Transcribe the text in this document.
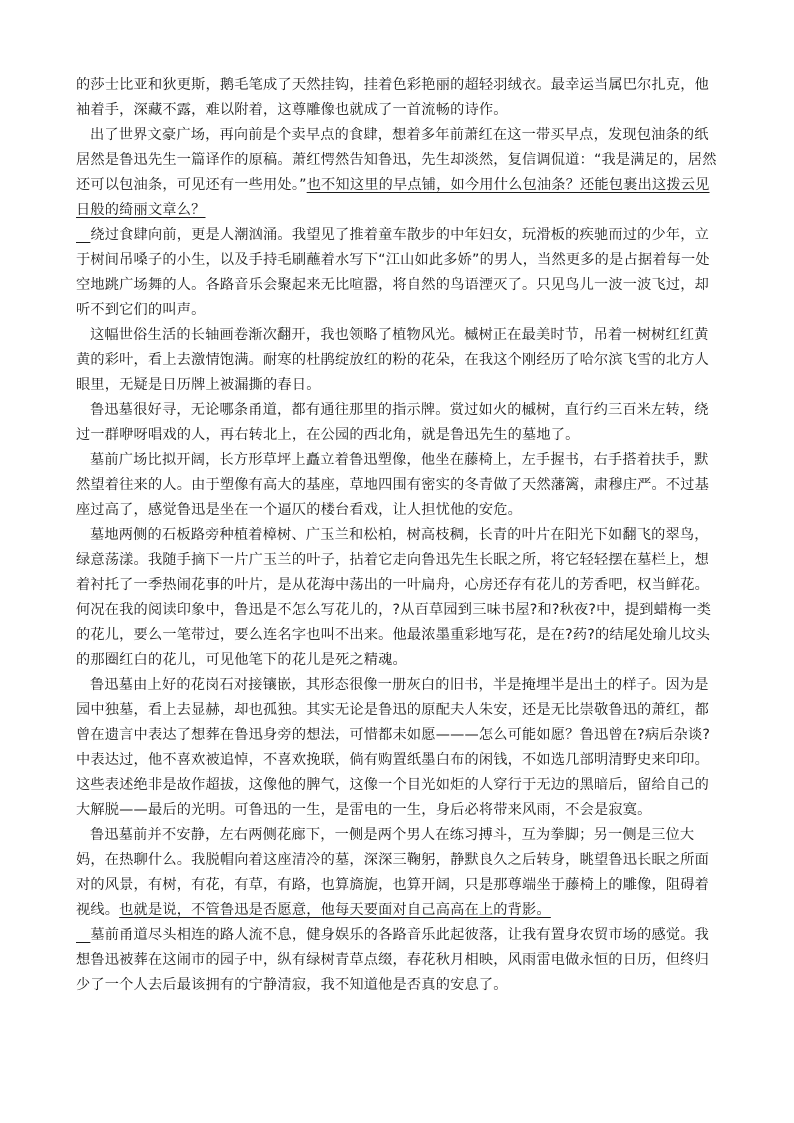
的莎士比亚和狄更斯，鹅毛笔成了天然挂钩，挂着色彩艳丽的超轻羽绒衣。最幸运当属巴尔扎克，他袖着手，深藏不露，难以附着，这尊雕像也就成了一首流畅的诗作。

出了世界文豪广场，再向前是个卖早点的食肆，想着多年前萧红在这一带买早点，发现包油条的纸居然是鲁迅先生一篇译作的原稿。萧红愕然告知鲁迅，先生却淡然，复信调侃道：“我是满足的，居然还可以包油条，可见还有一些用处。”也不知这里的早点铺，如今用什么包油条？还能包裹出这拨云见日般的绮丽文章么？

 绕过食肆向前，更是人潮汹涌。我望见了推着童车散步的中年妇女，玩滑板的疾驰而过的少年，立于树间吊嗓子的小生，以及手持毛刷蘸着水写下“江山如此多娇”的男人，当然更多的是占据着每一处空地跳广场舞的人。各路音乐会聚起来无比喧嚣，将自然的鸟语湮灭了。只见鸟儿一波一波飞过，却听不到它们的叫声。

这幅世俗生活的长轴画卷渐次翻开，我也领略了植物风光。槭树正在最美时节，吊着一树树红红黄黄的彩叶，看上去激情饱满。耐寒的杜鹃绽放红的粉的花朵，在我这个刚经历了哈尔滨飞雪的北方人眼里，无疑是日历牌上被漏撕的春日。

鲁迅墓很好寻，无论哪条甬道，都有通往那里的指示牌。赏过如火的槭树，直行约三百米左转，绕过一群咿呀唱戏的人，再右转北上，在公园的西北角，就是鲁迅先生的墓地了。

墓前广场比拟开阔，长方形草坪上矗立着鲁迅塑像，他坐在藤椅上，左手握书，右手搭着扶手，默然望着往来的人。由于塑像有高大的基座，草地四围有密实的冬青做了天然藩篱，肃穆庄严。不过基座过高了，感觉鲁迅是坐在一个逼仄的楼台看戏，让人担忧他的安危。

墓地两侧的石板路旁种植着樟树、广玉兰和松柏，树高枝稠，长青的叶片在阳光下如翻飞的翠鸟，绿意荡漾。我随手摘下一片广玉兰的叶子，拈着它走向鲁迅先生长眠之所，将它轻轻摆在墓栏上，想着衬托了一季热闹花事的叶片，是从花海中荡出的一叶扁舟，心房还存有花儿的芳香吧，权当鲜花。何况在我的阅读印象中，鲁迅是不怎么写花儿的，?从百草园到三味书屋?和?秋夜?中，提到蜡梅一类的花儿，要么一笔带过，要么连名字也叫不出来。他最浓墨重彩地写花，是在?药?的结尾处瑜儿坟头的那圈红白的花儿，可见他笔下的花儿是死之精魂。

鲁迅墓由上好的花岗石对接镶嵌，其形态很像一册灰白的旧书，半是掩埋半是出土的样子。因为是园中独墓，看上去显赫，却也孤独。其实无论是鲁迅的原配夫人朱安，还是无比崇敬鲁迅的萧红，都曾在遗言中表达了想葬在鲁迅身旁的想法，可惜都未如愿———怎么可能如愿？鲁迅曾在?病后杂谈?中表达过，他不喜欢被追悼，不喜欢挽联，倘有购置纸墨白布的闲钱，不如选几部明清野史来印印。这些表述绝非是故作超拔，这像他的脾气，这像一个目光如炬的人穿行于无边的黑暗后，留给自己的大解脱——最后的光明。可鲁迅的一生，是雷电的一生，身后必将带来风雨，不会是寂寞。

鲁迅墓前并不安静，左右两侧花廊下，一侧是两个男人在练习搏斗，互为拳脚；另一侧是三位大妈，在热聊什么。我脱帽向着这座清冷的墓，深深三鞠躬，静默良久之后转身，眺望鲁迅长眠之所面对的风景，有树，有花，有草，有路，也算旖旎，也算开阔，只是那尊端坐于藤椅上的雕像，阻碍着视线。也就是说，不管鲁迅是否愿意，他每天要面对自己高高在上的背影。

 墓前甬道尽头相连的路人流不息，健身娱乐的各路音乐此起彼落，让我有置身农贸市场的感觉。我想鲁迅被葬在这闹市的园子中，纵有绿树青草点缀，春花秋月相映，风雨雷电做永恒的日历，但终归少了一个人去后最该拥有的宁静清寂，我不知道他是否真的安息了。
